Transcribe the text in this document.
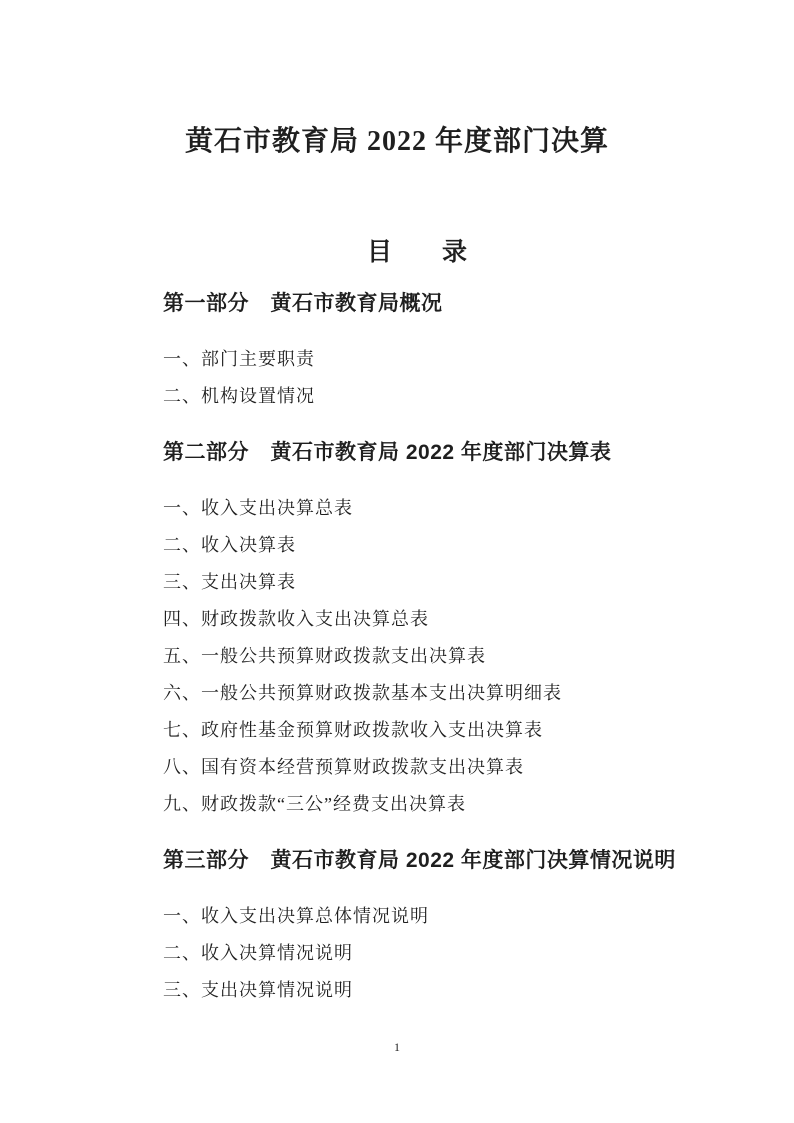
黄石市教育局 2022 年度部门决算
目　　录
第一部分　黄石市教育局概况
一、部门主要职责
二、机构设置情况
第二部分　黄石市教育局 2022 年度部门决算表
一、收入支出决算总表
二、收入决算表
三、支出决算表
四、财政拨款收入支出决算总表
五、一般公共预算财政拨款支出决算表
六、一般公共预算财政拨款基本支出决算明细表
七、政府性基金预算财政拨款收入支出决算表
八、国有资本经营预算财政拨款支出决算表
九、财政拨款“三公”经费支出决算表
第三部分　黄石市教育局 2022 年度部门决算情况说明
一、收入支出决算总体情况说明
二、收入决算情况说明
三、支出决算情况说明
1
